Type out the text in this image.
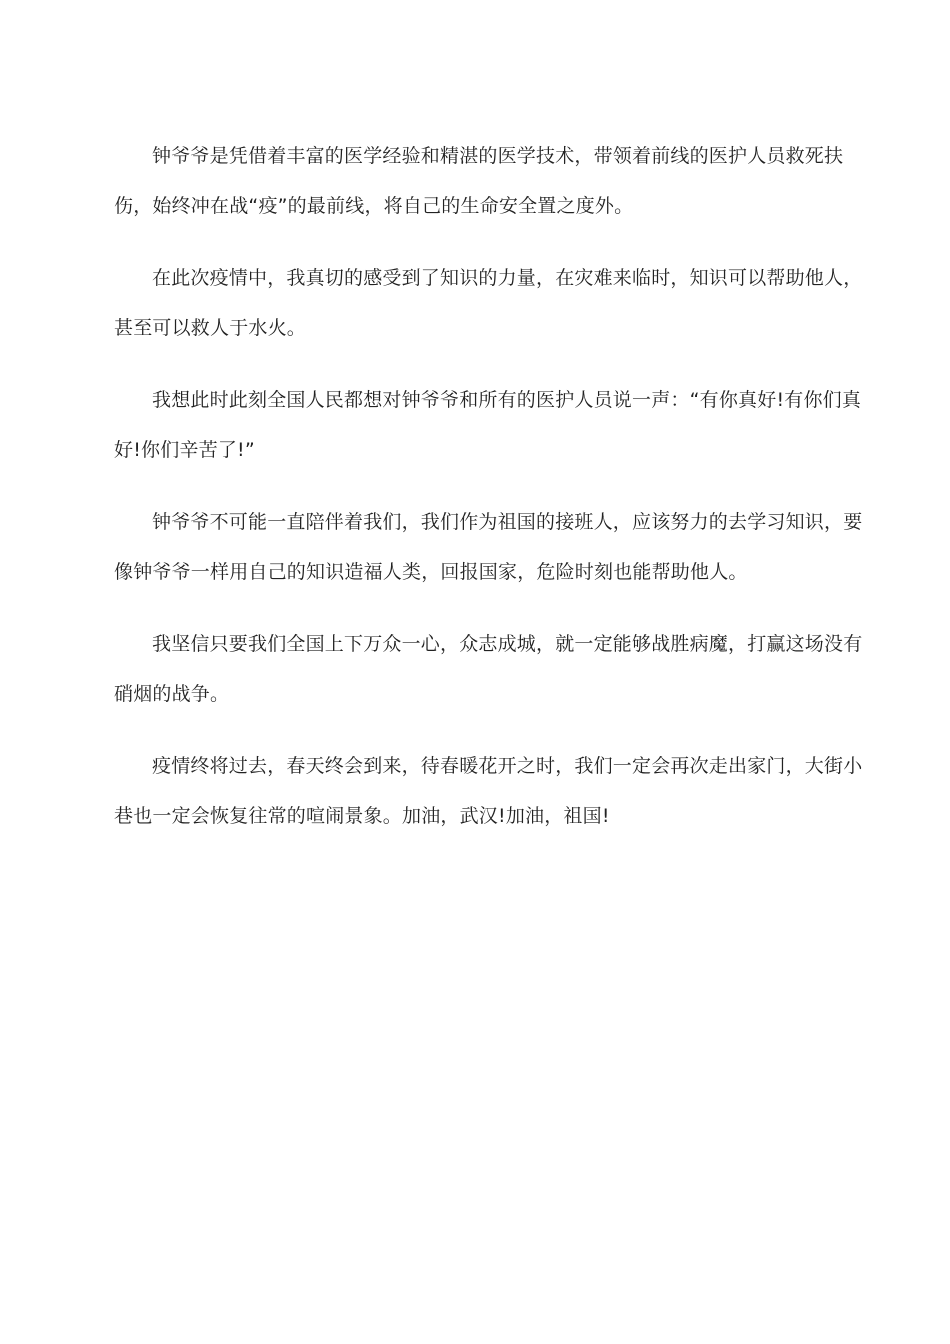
钟爷爷是凭借着丰富的医学经验和精湛的医学技术，带领着前线的医护人员救死扶伤，始终冲在战“疫”的最前线，将自己的生命安全置之度外。

在此次疫情中，我真切的感受到了知识的力量，在灾难来临时，知识可以帮助他人，甚至可以救人于水火。

我想此时此刻全国人民都想对钟爷爷和所有的医护人员说一声：“有你真好!有你们真好!你们辛苦了!”

钟爷爷不可能一直陪伴着我们，我们作为祖国的接班人，应该努力的去学习知识，要像钟爷爷一样用自己的知识造福人类，回报国家，危险时刻也能帮助他人。

我坚信只要我们全国上下万众一心，众志成城，就一定能够战胜病魔，打赢这场没有硝烟的战争。

疫情终将过去，春天终会到来，待春暖花开之时，我们一定会再次走出家门，大街小巷也一定会恢复往常的喧闹景象。加油，武汉!加油，祖国!
